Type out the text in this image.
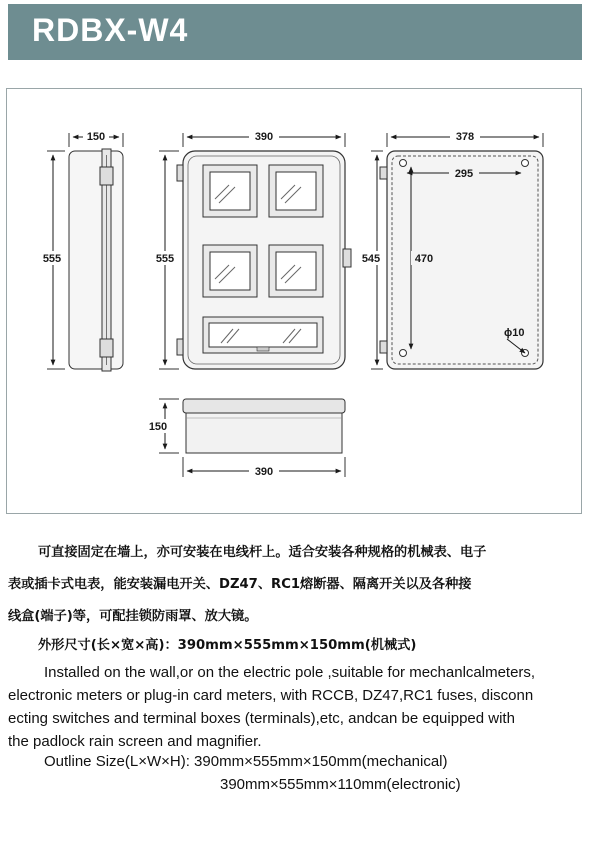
RDBX-W4
150
555
390
555
378
295
545	470
ϕ10
150
390
可直接固定在墙上，亦可安装在电线杆上。适合安装各种规格的机械表、电子
表或插卡式电表，能安装漏电开关、DZ47、RC1熔断器、隔离开关以及各种接
线盒(端子)等，可配挂锁防雨罩、放大镜。
外形尺寸(长×宽×高)：390mm×555mm×150mm(机械式)
Installed on the wall,or on the electric pole ,suitable for mechanlcalmeters,
electronic meters or plug-in card meters, with RCCB, DZ47,RC1 fuses, disconn
ecting switches and terminal boxes (terminals),etc, andcan be equipped with
the padlock rain screen and magnifier.
Outline Size(L×W×H): 390mm×555mm×150mm(mechanical)
390mm×555mm×110mm(electronic)
